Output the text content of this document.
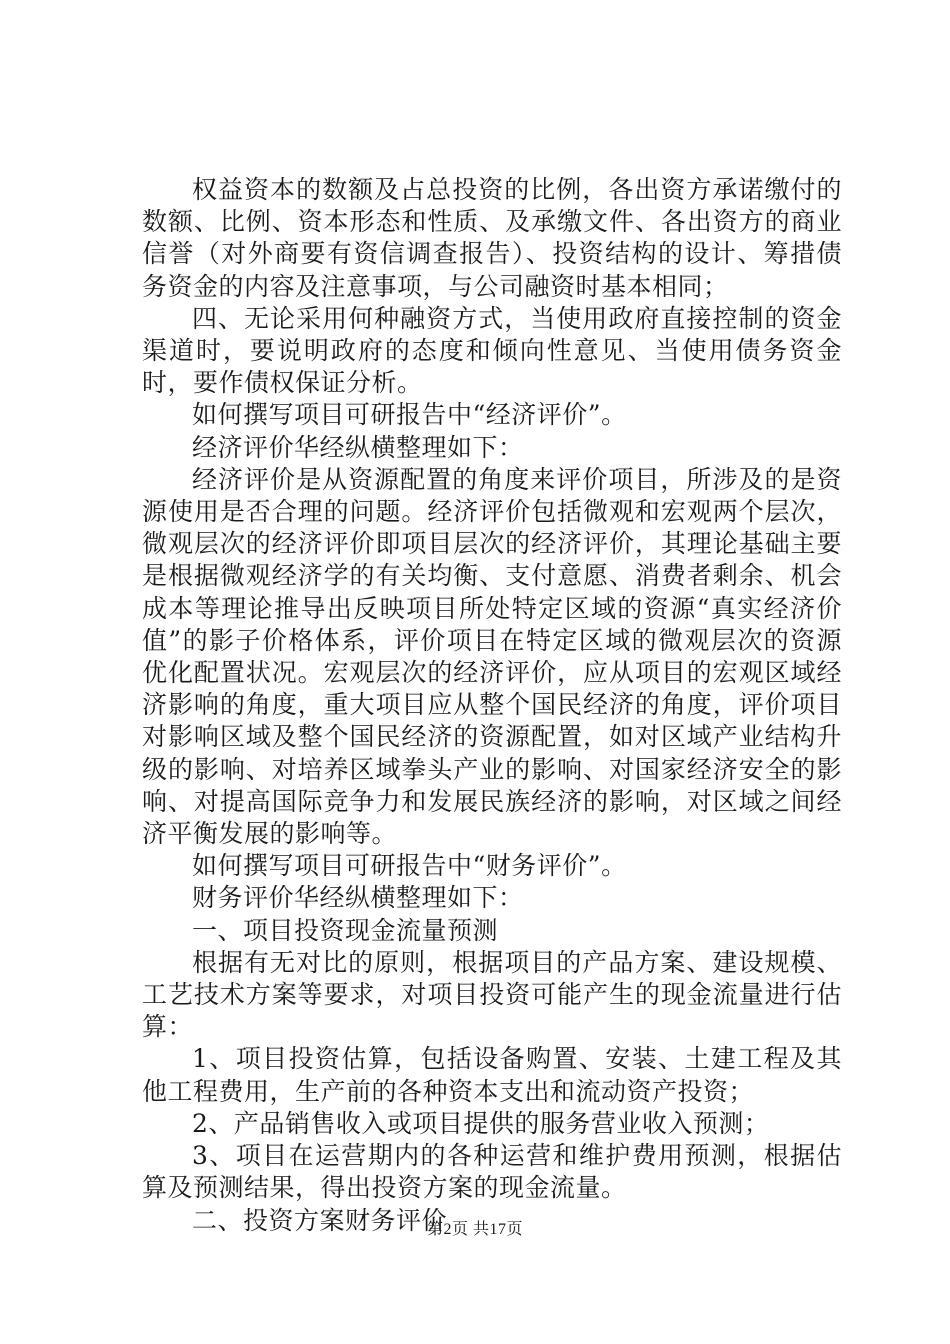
权益资本的数额及占总投资的比例，各出资方承诺缴付的数额、比例、资本形态和性质、及承缴文件、各出资方的商业信誉（对外商要有资信调查报告）、投资结构的设计、筹措债务资金的内容及注意事项，与公司融资时基本相同；

四、无论采用何种融资方式，当使用政府直接控制的资金渠道时，要说明政府的态度和倾向性意见、当使用债务资金时，要作债权保证分析。

如何撰写项目可研报告中“经济评价”。

经济评价华经纵横整理如下：

经济评价是从资源配置的角度来评价项目，所涉及的是资源使用是否合理的问题。经济评价包括微观和宏观两个层次，微观层次的经济评价即项目层次的经济评价，其理论基础主要是根据微观经济学的有关均衡、支付意愿、消费者剩余、机会成本等理论推导出反映项目所处特定区域的资源“真实经济价值”的影子价格体系，评价项目在特定区域的微观层次的资源优化配置状况。宏观层次的经济评价，应从项目的宏观区域经济影响的角度，重大项目应从整个国民经济的角度，评价项目对影响区域及整个国民经济的资源配置，如对区域产业结构升级的影响、对培养区域拳头产业的影响、对国家经济安全的影响、对提高国际竞争力和发展民族经济的影响，对区域之间经济平衡发展的影响等。

如何撰写项目可研报告中“财务评价”。

财务评价华经纵横整理如下：

一、项目投资现金流量预测

根据有无对比的原则，根据项目的产品方案、建设规模、工艺技术方案等要求，对项目投资可能产生的现金流量进行估算：

1、项目投资估算，包括设备购置、安装、土建工程及其他工程费用，生产前的各种资本支出和流动资产投资；

2、产品销售收入或项目提供的服务营业收入预测；

3、项目在运营期内的各种运营和维护费用预测，根据估算及预测结果，得出投资方案的现金流量。

二、投资方案财务评价

第2页 共17页
